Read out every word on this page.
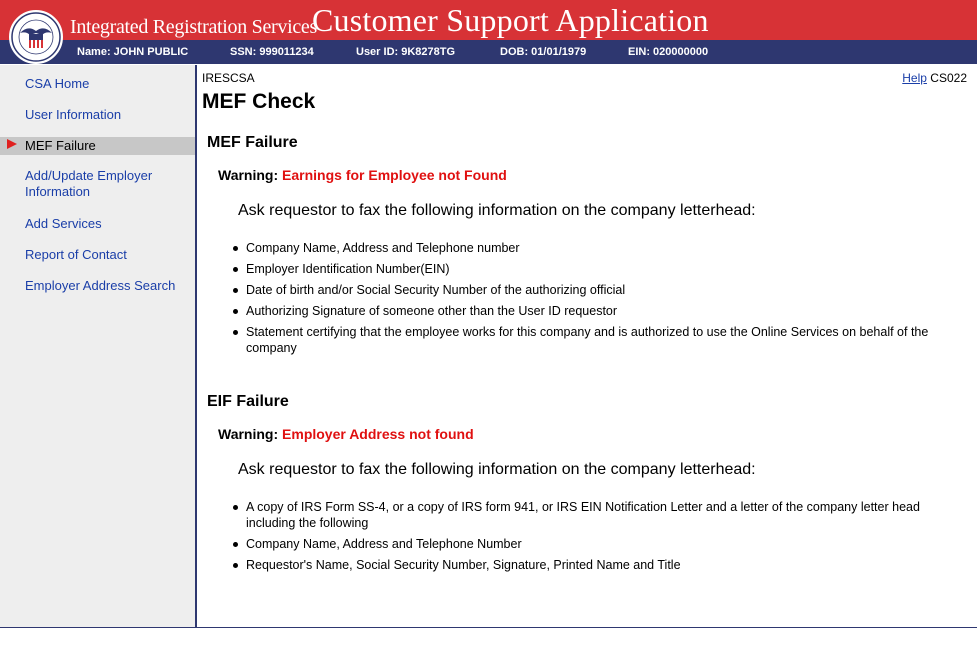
Integrated Registration Services
Customer Support Application
Name: JOHN PUBLIC	SSN: 999011234	User ID: 9K8278TG	DOB: 01/01/1979	EIN: 020000000
CSA Home
User Information
MEF Failure
Add/Update Employer Information
Add Services
Report of Contact
Employer Address Search
IRESCSA	Help CS022
MEF Check
MEF Failure
Warning: Earnings for Employee not Found
Ask requestor to fax the following information on the company letterhead:
Company Name, Address and Telephone number
Employer Identification Number(EIN)
Date of birth and/or Social Security Number of the authorizing official
Authorizing Signature of someone other than the User ID requestor
Statement certifying that the employee works for this company and is authorized to use the Online Services on behalf of the company
EIF Failure
Warning: Employer Address not found
Ask requestor to fax the following information on the company letterhead:
A copy of IRS Form SS-4, or a copy of IRS form 941, or IRS EIN Notification Letter and a letter of the company letter head including the following
Company Name, Address and Telephone Number
Requestor's Name, Social Security Number, Signature, Printed Name and Title
